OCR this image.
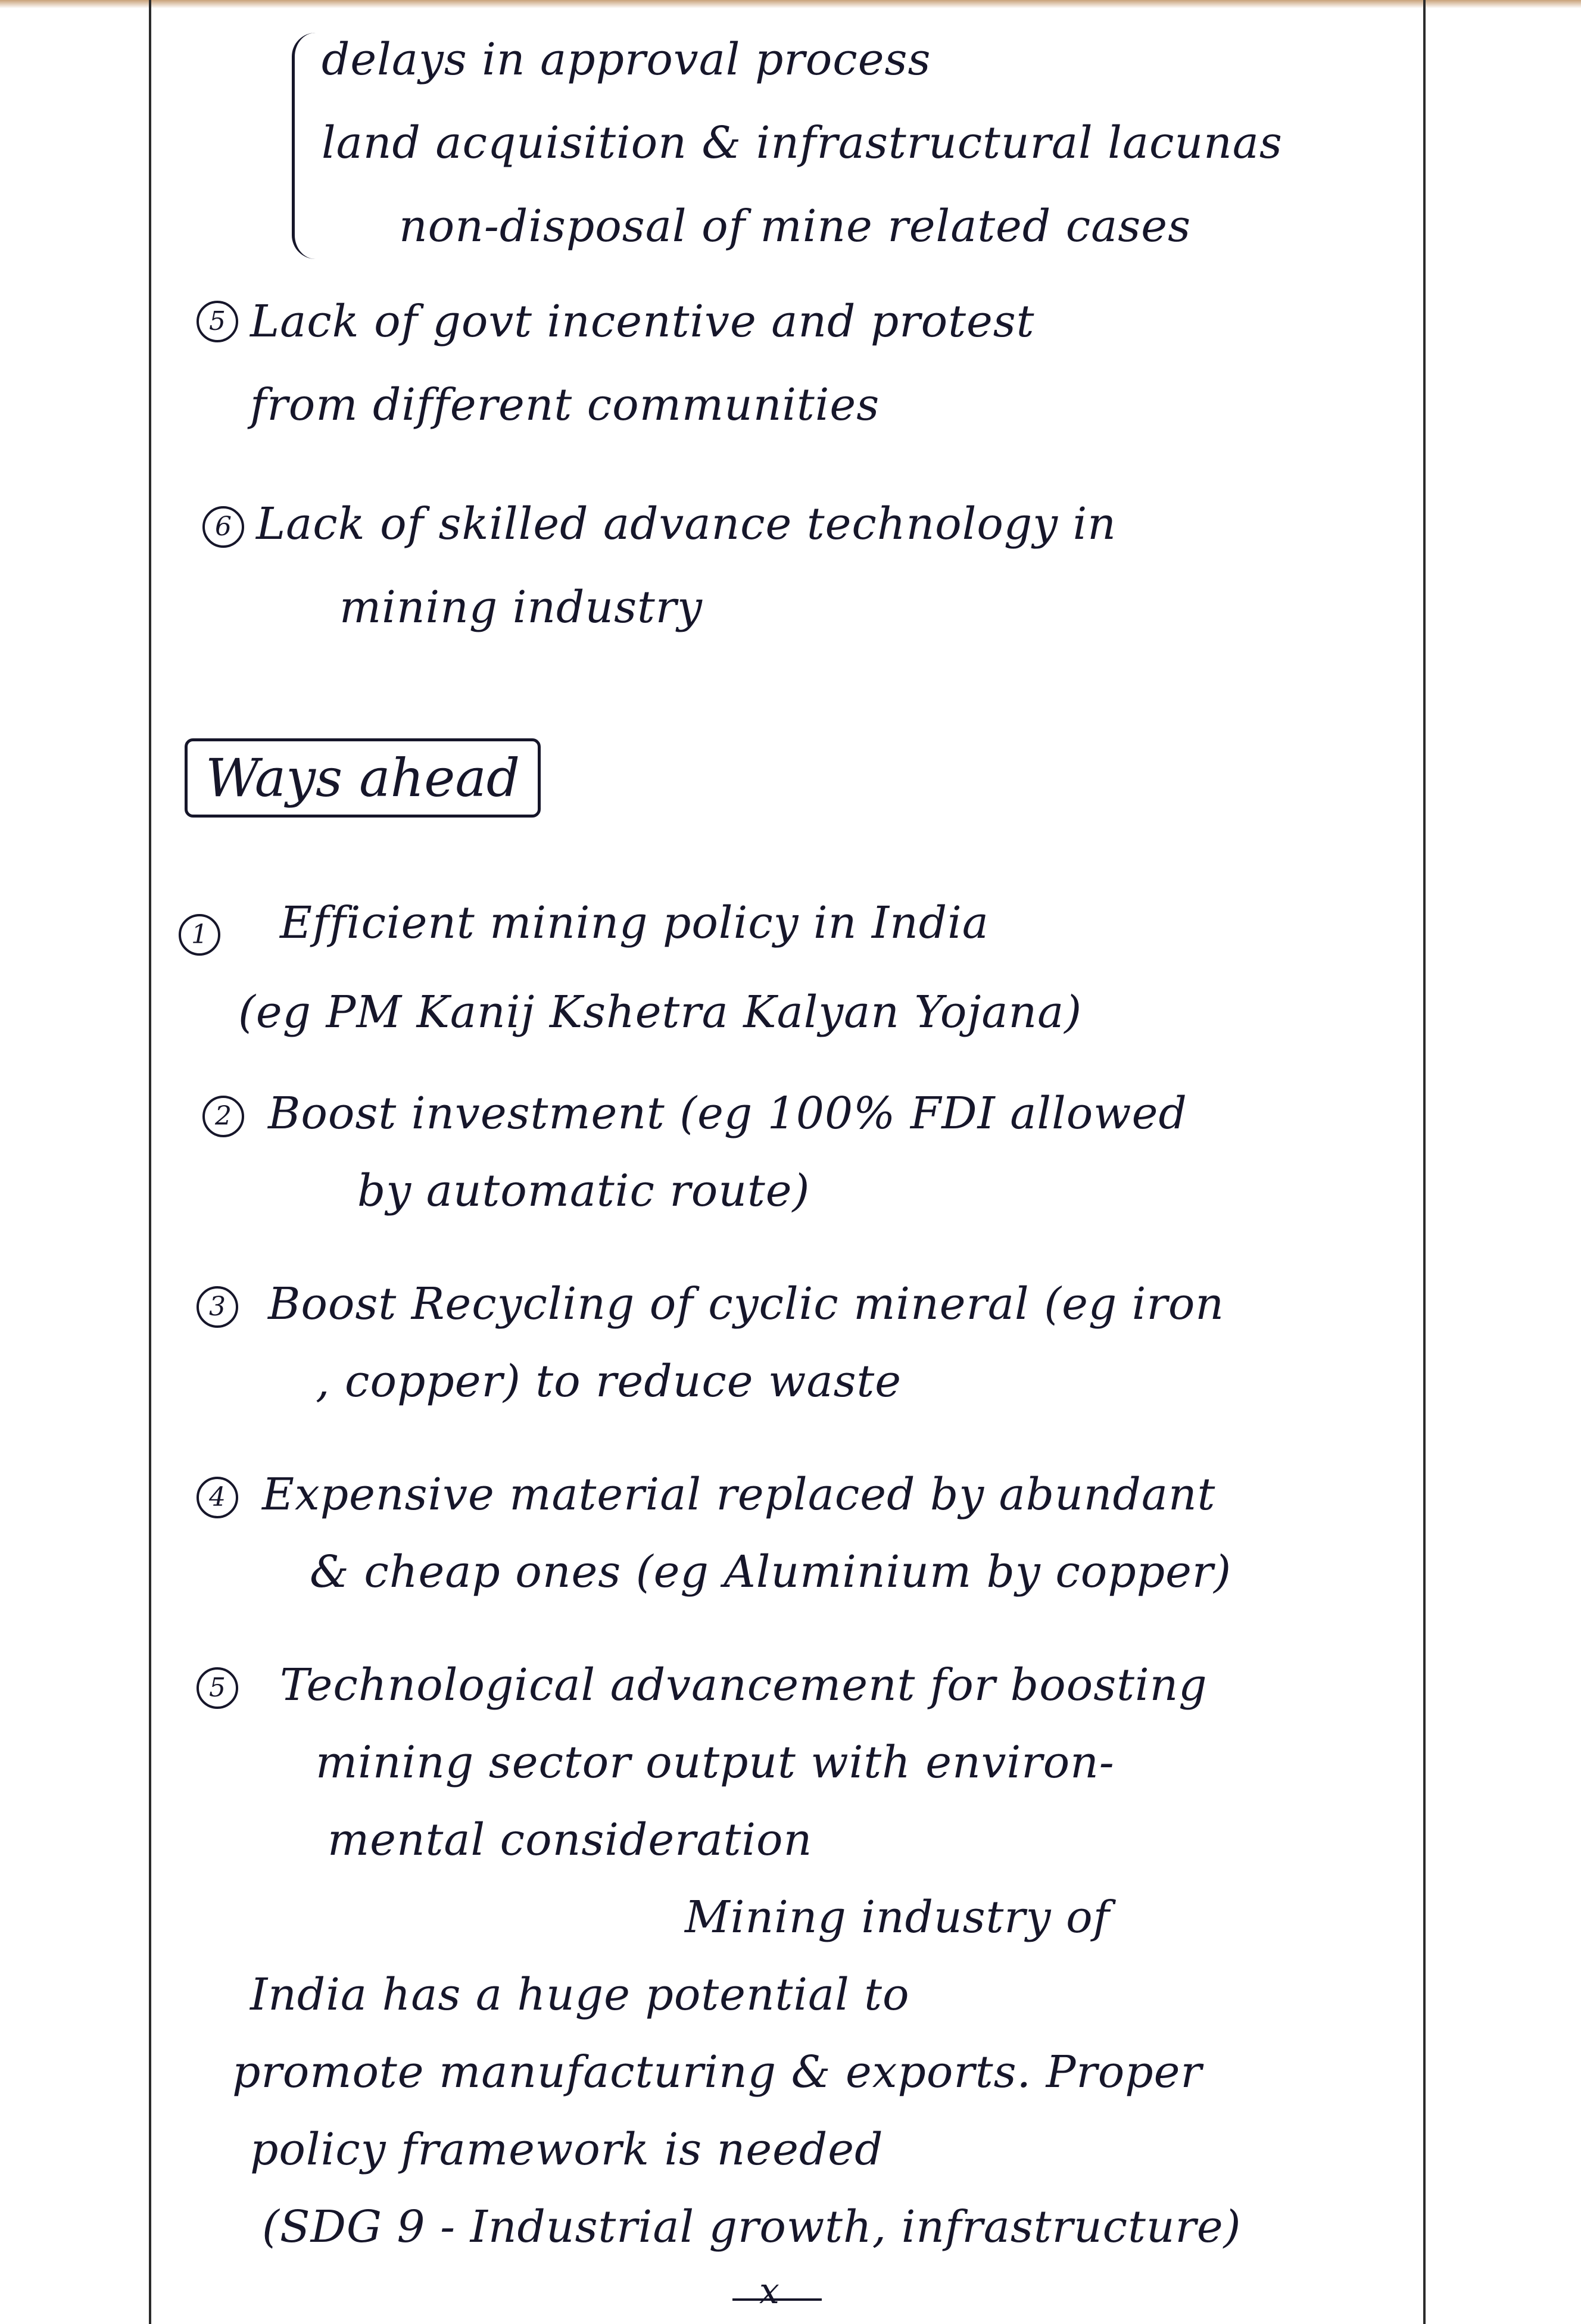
delays in approval process
land acquisition & infrastructural lacunas
non-disposal of mine related cases
5 Lack of govt incentive and protest
from different communities
6 Lack of skilled advance technology in
mining industry
Ways ahead
1 Efficient mining policy in India
(eg PM Kanij Kshetra Kalyan Yojana)
2 Boost investment (eg 100% FDI allowed
by automatic route)
3 Boost Recycling of cyclic mineral (eg iron
, copper) to reduce waste
4 Expensive material replaced by abundant
& cheap ones (eg Aluminium by copper)
5 Technological advancement for boosting
mining sector output with environ-
mental consideration
Mining industry of
India has a huge potential to
promote manufacturing & exports. Proper
policy framework is needed
(SDG 9 - Industrial growth, infrastructure)
x
